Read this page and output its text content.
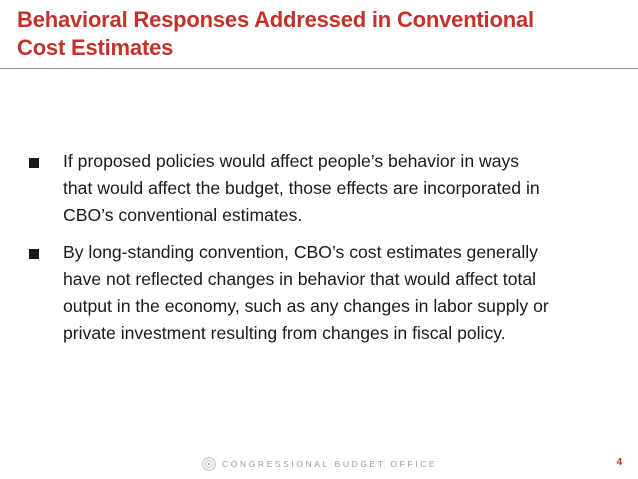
Behavioral Responses Addressed in Conventional
Cost Estimates
If proposed policies would affect people’s behavior in ways
that would affect the budget, those effects are incorporated in
CBO’s conventional estimates.
By long-standing convention, CBO’s cost estimates generally
have not reflected changes in behavior that would affect total
output in the economy, such as any changes in labor supply or
private investment resulting from changes in fiscal policy.
CONGRESSIONAL BUDGET OFFICE	4
